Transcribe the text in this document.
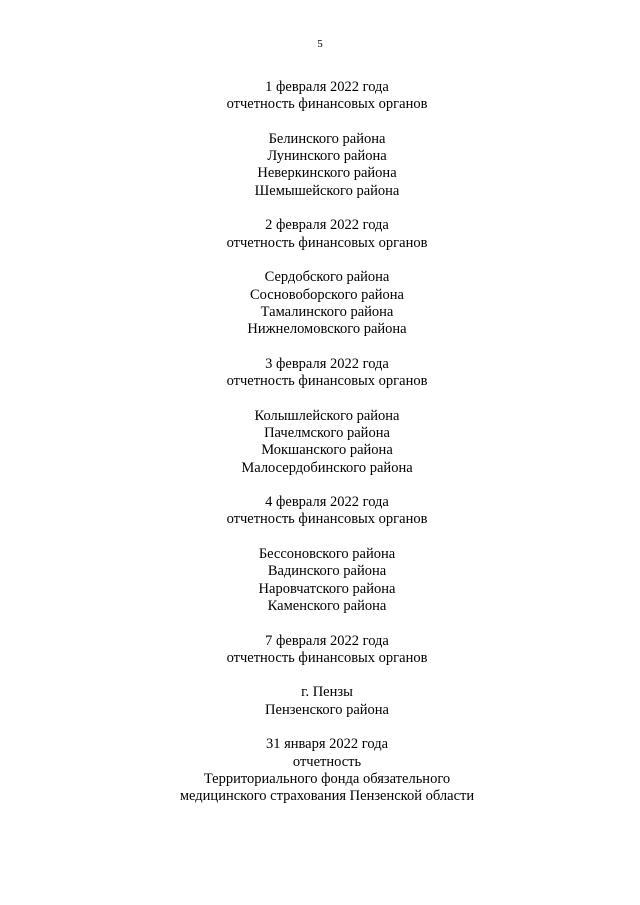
5
1 февраля 2022 года
отчетность финансовых органов
Белинского района
Лунинского района
Неверкинского района
Шемышейского района
2 февраля 2022 года
отчетность финансовых органов
Сердобского района
Сосновоборского района
Тамалинского района
Нижнеломовского района
3 февраля 2022 года
отчетность финансовых органов
Колышлейского района
Пачелмского района
Мокшанского района
Малосердобинского района
4 февраля 2022 года
отчетность финансовых органов
Бессоновского района
Вадинского района
Наровчатского района
Каменского района
7 февраля 2022 года
отчетность финансовых органов
г. Пензы
Пензенского района
31 января 2022 года
отчетность
Территориального фонда обязательного
медицинского страхования Пензенской области
